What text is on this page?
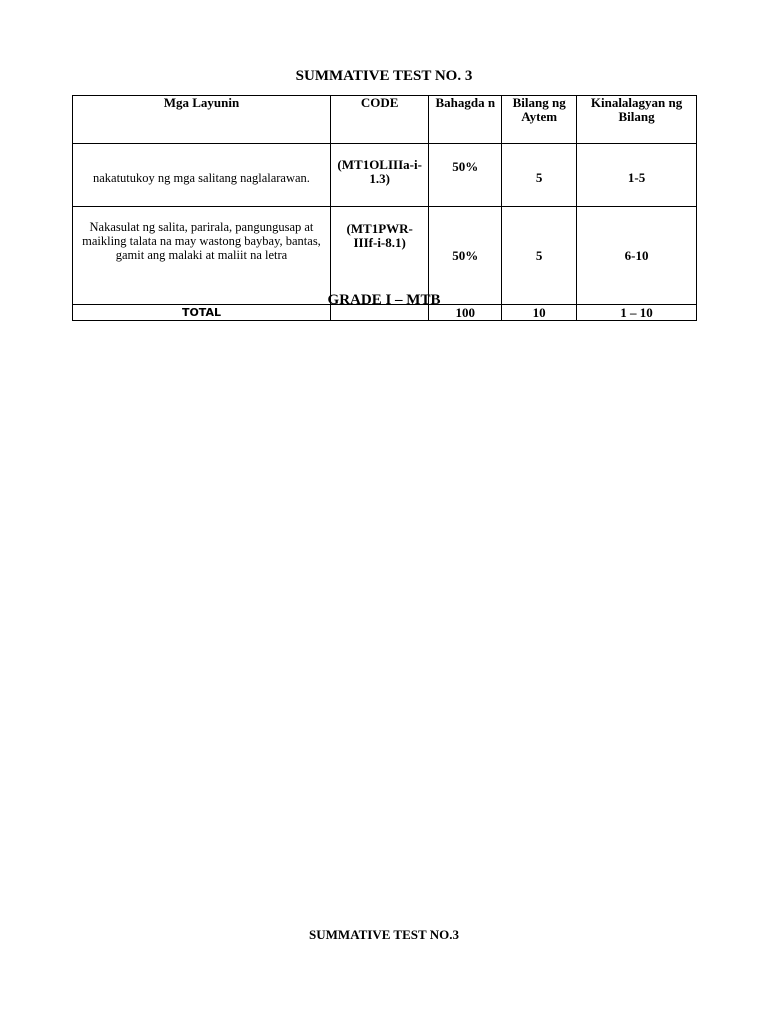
SUMMATIVE TEST NO. 3
Mga Layunin	CODE	Bahagda n	Bilang ng Aytem	Kinalalagyan ng Bilang
nakatutukoy ng mga salitang naglalarawan.	(MT1OLIIIa-i-1.3)	50%	5	1-5
Nakasulat ng salita, parirala, pangungusap at maikling talata na may wastong baybay, bantas, gamit ang malaki at maliit na letra	(MT1PWR-IIIf-i-8.1)	50%	5	6-10
TOTAL		100	10	1 – 10
GRADE I – MTB
SUMMATIVE TEST NO.3
